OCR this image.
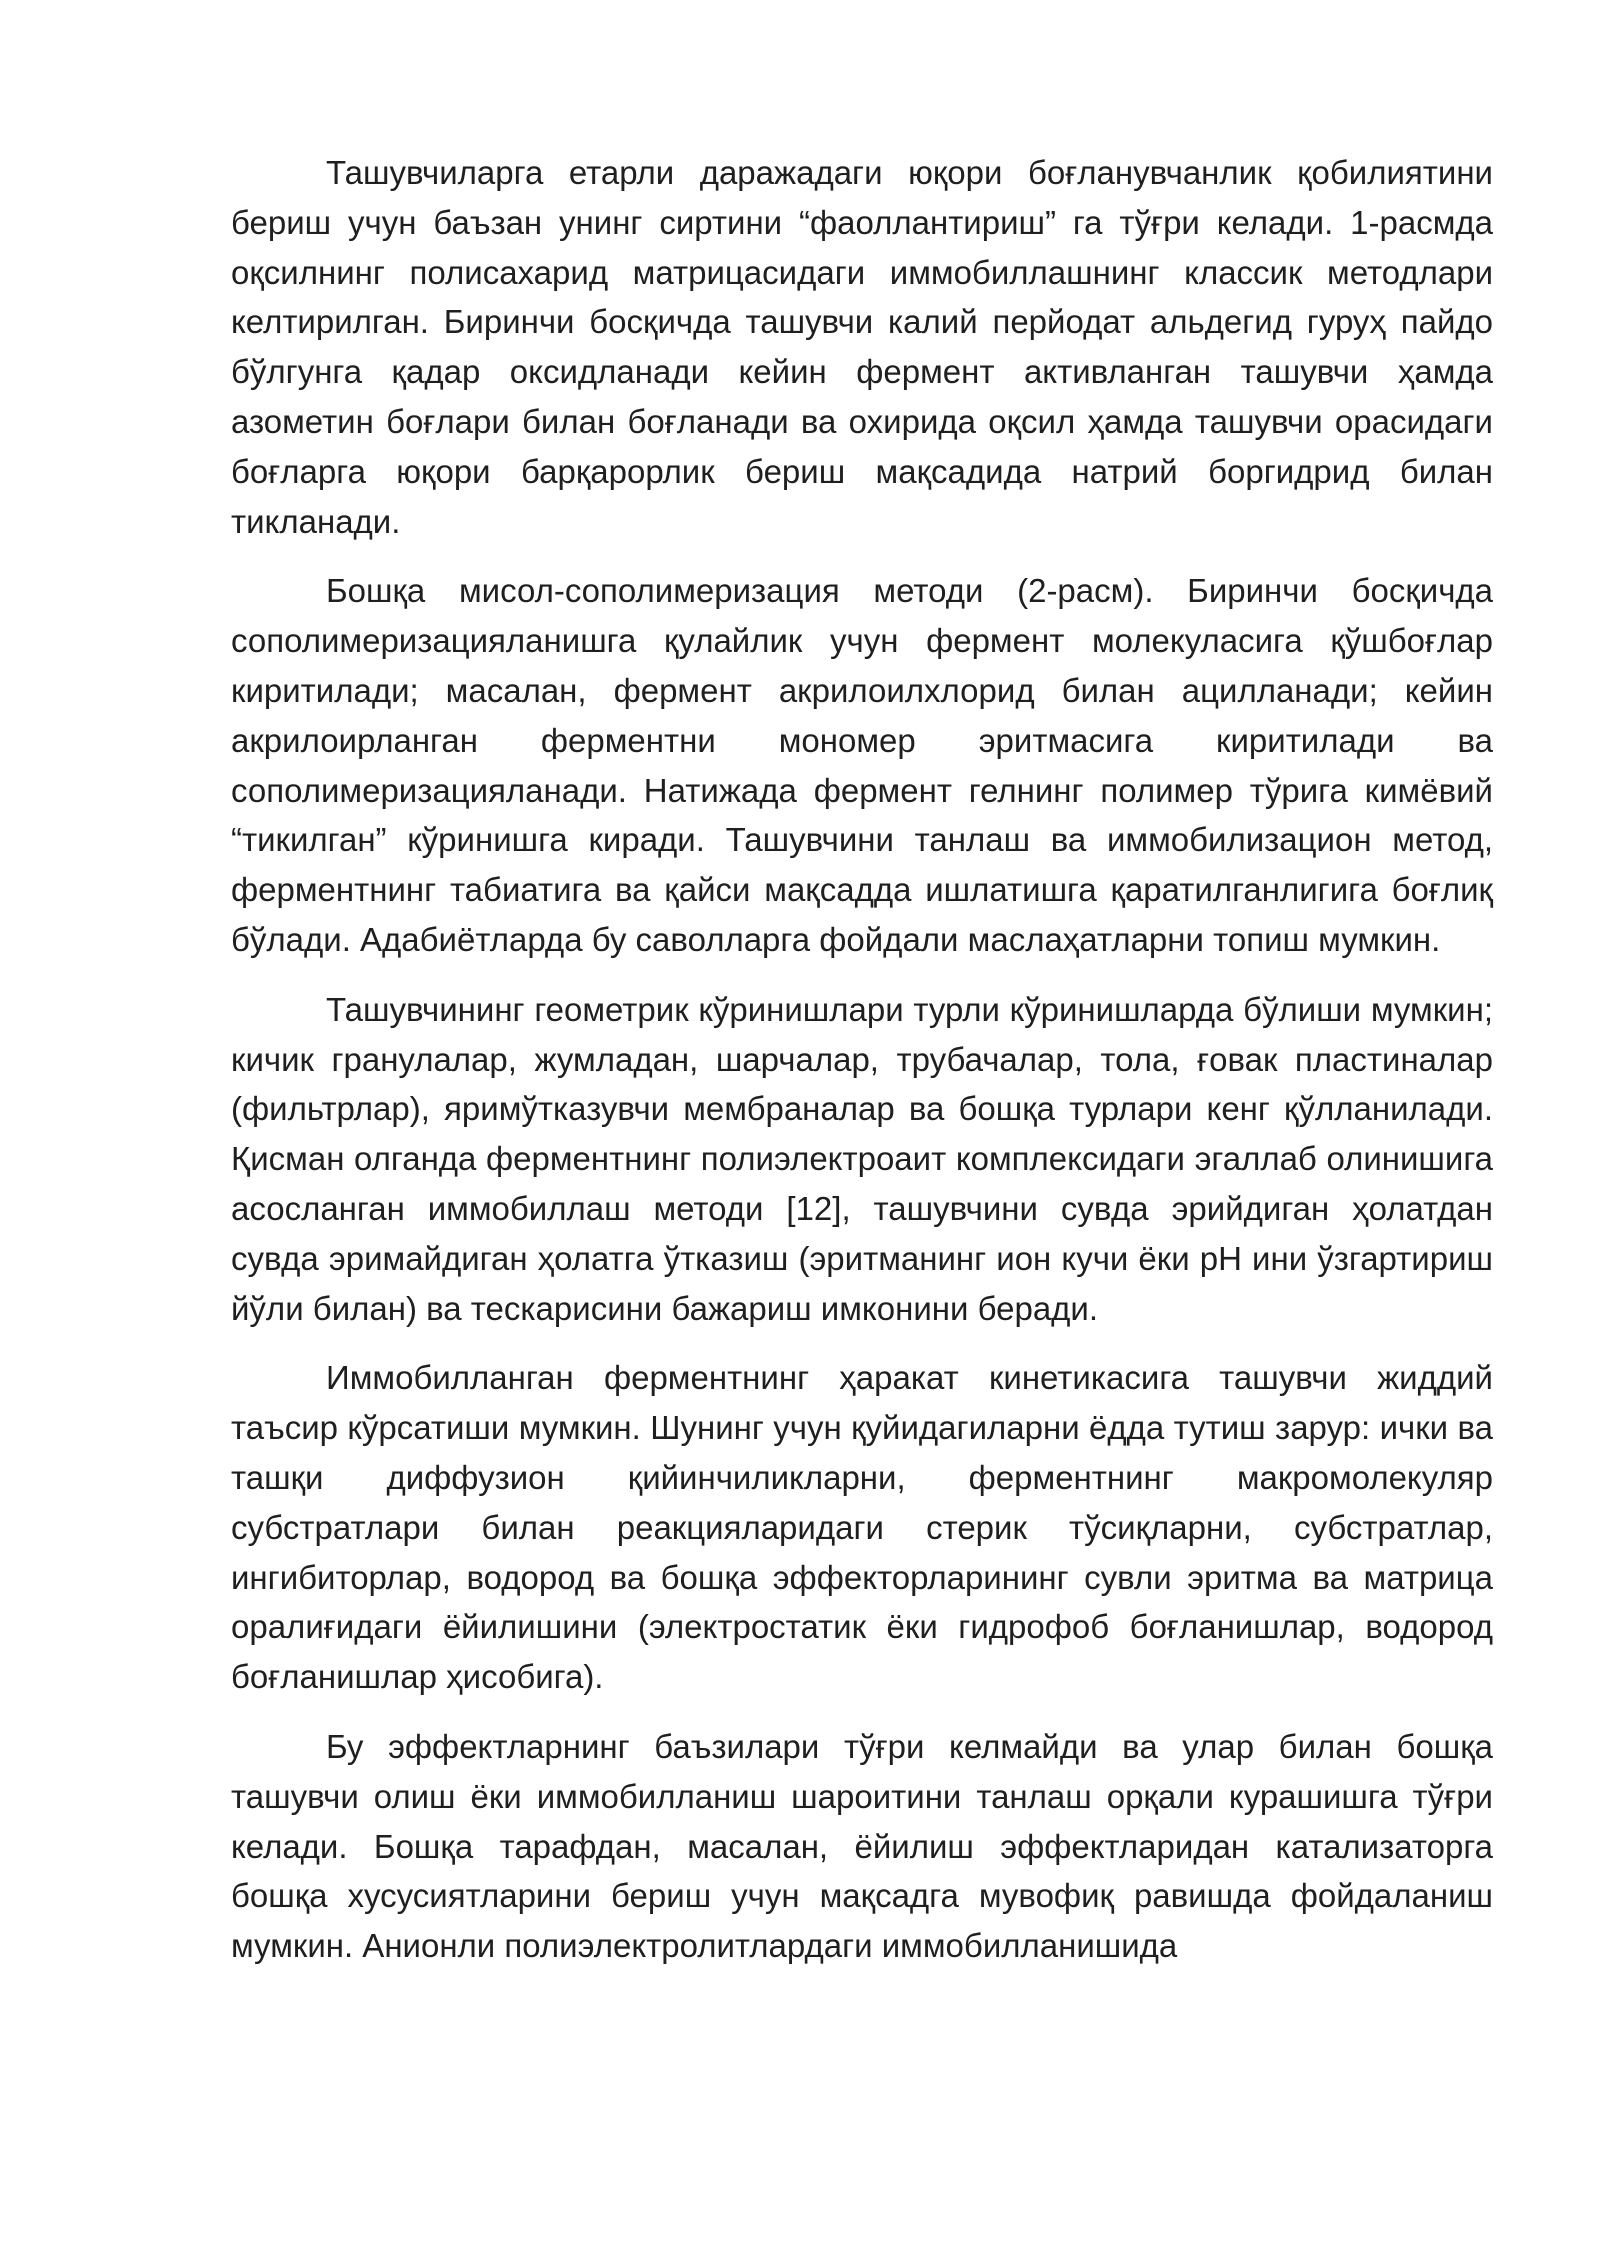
Ташувчиларга етарли даражадаги юқори боғланувчанлик қобилиятини бериш учун баъзан унинг сиртини “фаоллантириш” га тўғри келади. 1-расмда оқсилнинг полисахарид матрицасидаги иммобиллашнинг классик методлари келтирилган. Биринчи босқичда ташувчи калий перйодат альдегид гуруҳ пайдо бўлгунга қадар оксидланади кейин фермент активланган ташувчи ҳамда азометин боғлари билан боғланади ва охирида оқсил ҳамда ташувчи орасидаги боғларга юқори барқарорлик бериш мақсадида натрий боргидрид билан тикланади.

Бошқа мисол-сополимеризация методи (2-расм). Биринчи босқичда сополимеризацияланишга қулайлик учун фермент молекуласига қўшбоғлар киритилади; масалан, фермент акрилоилхлорид билан ацилланади; кейин акрилоирланган ферментни мономер эритмасига киритилади ва сополимеризацияланади. Натижада фермент гелнинг полимер тўрига кимёвий “тикилган” кўринишга киради. Ташувчини танлаш ва иммобилизацион метод, ферментнинг табиатига ва қайси мақсадда ишлатишга қаратилганлигига боғлиқ бўлади. Адабиётларда бу саволларга фойдали маслаҳатларни топиш мумкин.

Ташувчининг геометрик кўринишлари турли кўринишларда бўлиши мумкин; кичик гранулалар, жумладан, шарчалар, трубачалар, тола, ғовак пластиналар (фильтрлар), яримўтказувчи мембраналар ва бошқа турлари кенг қўлланилади. Қисман олганда ферментнинг полиэлектроаит комплексидаги эгаллаб олинишига асосланган иммобиллаш методи [12], ташувчини сувда эрийдиган ҳолатдан сувда эримайдиган ҳолатга ўтказиш (эритманинг ион кучи ёки pH ини ўзгартириш йўли билан) ва тескарисини бажариш имконини беради.

Иммобилланган ферментнинг ҳаракат кинетикасига ташувчи жиддий таъсир кўрсатиши мумкин. Шунинг учун қуйидагиларни ёдда тутиш зарур: ички ва ташқи диффузион қийинчиликларни, ферментнинг макромолекуляр субстратлари билан реакцияларидаги стерик тўсиқларни, субстратлар, ингибиторлар, водород ва бошқа эффекторларининг сувли эритма ва матрица оралиғидаги ёйилишини (электростатик ёки гидрофоб боғланишлар, водород боғланишлар ҳисобига).

Бу эффектларнинг баъзилари тўғри келмайди ва улар билан бошқа ташувчи олиш ёки иммобилланиш шароитини танлаш орқали курашишга тўғри келади. Бошқа тарафдан, масалан, ёйилиш эффектларидан катализаторга бошқа хусусиятларини бериш учун мақсадга мувофиқ равишда фойдаланиш мумкин. Анионли полиэлектролитлардаги иммобилланишида
